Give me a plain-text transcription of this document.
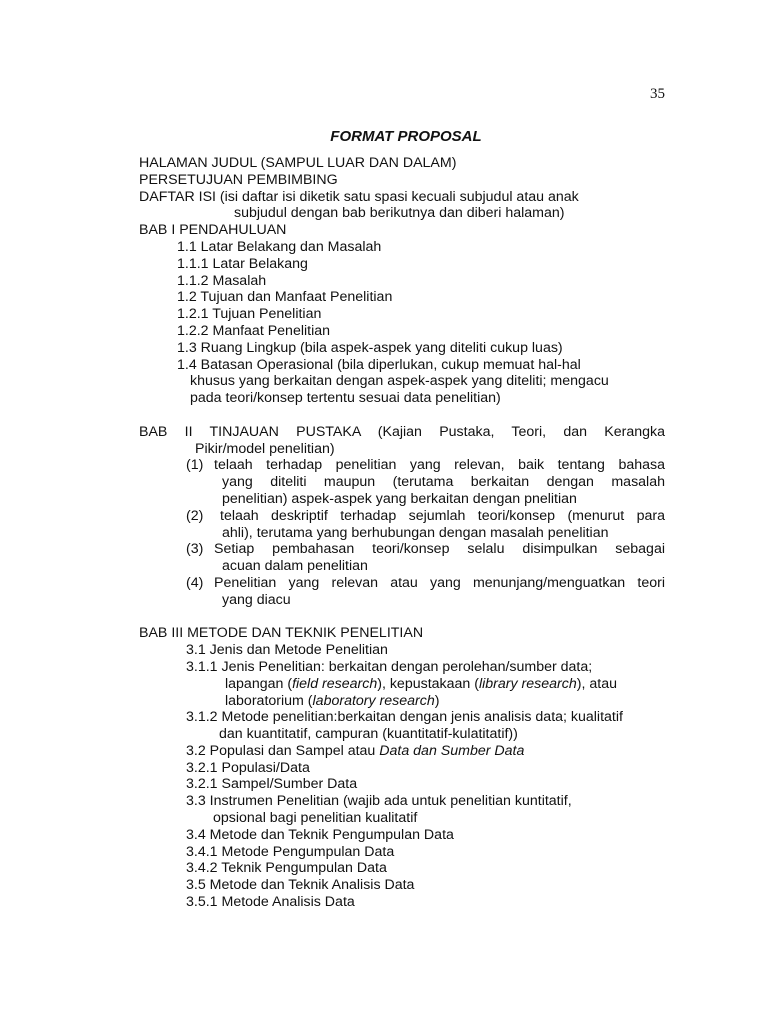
35
FORMAT PROPOSAL
HALAMAN JUDUL (SAMPUL LUAR DAN DALAM)
PERSETUJUAN PEMBIMBING
DAFTAR ISI (isi daftar isi diketik satu spasi kecuali subjudul atau anak
subjudul dengan bab berikutnya dan diberi halaman)
BAB I PENDAHULUAN
1.1 Latar Belakang dan Masalah
1.1.1 Latar Belakang
1.1.2 Masalah
1.2 Tujuan dan Manfaat Penelitian
1.2.1 Tujuan Penelitian
1.2.2 Manfaat Penelitian
1.3 Ruang Lingkup (bila aspek-aspek yang diteliti cukup luas)
1.4 Batasan Operasional (bila diperlukan, cukup memuat hal-hal
khusus yang berkaitan dengan aspek-aspek yang diteliti; mengacu
pada teori/konsep tertentu sesuai data penelitian)
BAB II TINJAUAN PUSTAKA (Kajian Pustaka, Teori, dan Kerangka
Pikir/model penelitian)
(1) telaah terhadap penelitian yang relevan, baik tentang bahasa
yang diteliti maupun (terutama berkaitan dengan masalah
penelitian) aspek-aspek yang berkaitan dengan pnelitian
(2)	telaah deskriptif terhadap sejumlah teori/konsep (menurut para
ahli), terutama yang berhubungan dengan masalah penelitian
(3) Setiap pembahasan teori/konsep selalu disimpulkan sebagai
acuan dalam penelitian
(4) Penelitian yang relevan atau yang menunjang/menguatkan teori
yang diacu
BAB III METODE DAN TEKNIK PENELITIAN
3.1 Jenis dan Metode Penelitian
3.1.1 Jenis Penelitian: berkaitan dengan perolehan/sumber data;
lapangan (field research), kepustakaan (library research), atau
laboratorium (laboratory research)
3.1.2 Metode penelitian:berkaitan dengan jenis analisis data; kualitatif
dan kuantitatif, campuran (kuantitatif-kulatitatif))
3.2 Populasi dan Sampel atau Data dan Sumber Data
3.2.1 Populasi/Data
3.2.1 Sampel/Sumber Data
3.3 Instrumen Penelitian (wajib ada untuk penelitian kuntitatif,
opsional bagi penelitian kualitatif
3.4 Metode dan Teknik Pengumpulan Data
3.4.1 Metode Pengumpulan Data
3.4.2 Teknik Pengumpulan Data
3.5 Metode dan Teknik Analisis Data
3.5.1 Metode Analisis Data
